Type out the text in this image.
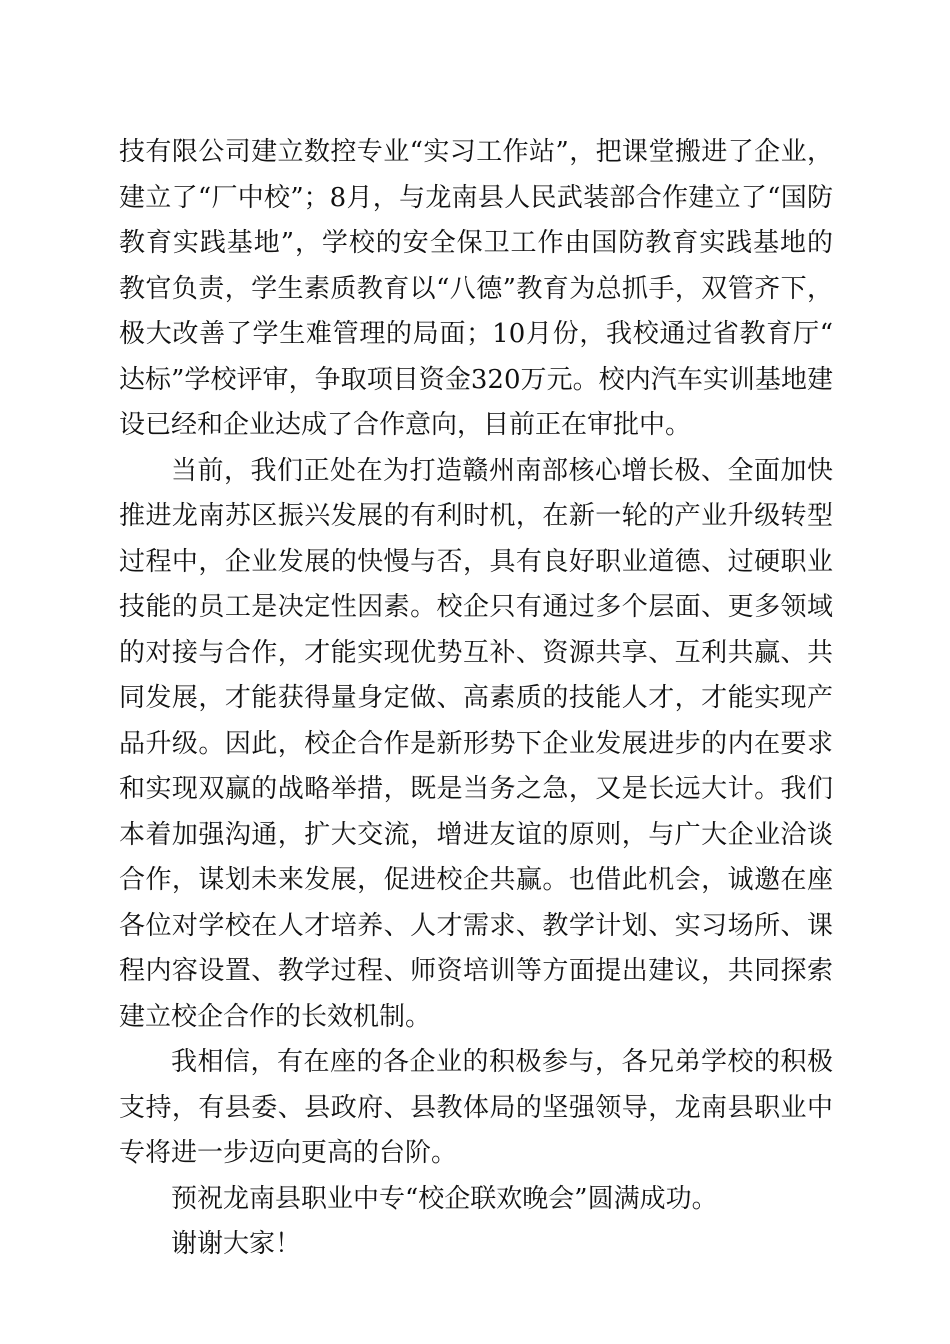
技有限公司建立数控专业“实习工作站”，把课堂搬进了企业，建立了“厂中校”；8月，与龙南县人民武装部合作建立了“国防教育实践基地”，学校的安全保卫工作由国防教育实践基地的教官负责，学生素质教育以“八德”教育为总抓手，双管齐下，极大改善了学生难管理的局面；10月份，我校通过省教育厅“达标”学校评审，争取项目资金320万元。校内汽车实训基地建设已经和企业达成了合作意向，目前正在审批中。

当前，我们正处在为打造赣州南部核心增长极、全面加快推进龙南苏区振兴发展的有利时机，在新一轮的产业升级转型过程中，企业发展的快慢与否，具有良好职业道德、过硬职业技能的员工是决定性因素。校企只有通过多个层面、更多领域的对接与合作，才能实现优势互补、资源共享、互利共赢、共同发展，才能获得量身定做、高素质的技能人才，才能实现产品升级。因此，校企合作是新形势下企业发展进步的内在要求和实现双赢的战略举措，既是当务之急，又是长远大计。我们本着加强沟通，扩大交流，增进友谊的原则，与广大企业洽谈合作，谋划未来发展，促进校企共赢。也借此机会，诚邀在座各位对学校在人才培养、人才需求、教学计划、实习场所、课程内容设置、教学过程、师资培训等方面提出建议，共同探索建立校企合作的长效机制。

我相信，有在座的各企业的积极参与，各兄弟学校的积极支持，有县委、县政府、县教体局的坚强领导，龙南县职业中专将进一步迈向更高的台阶。

预祝龙南县职业中专“校企联欢晚会”圆满成功。

谢谢大家！
